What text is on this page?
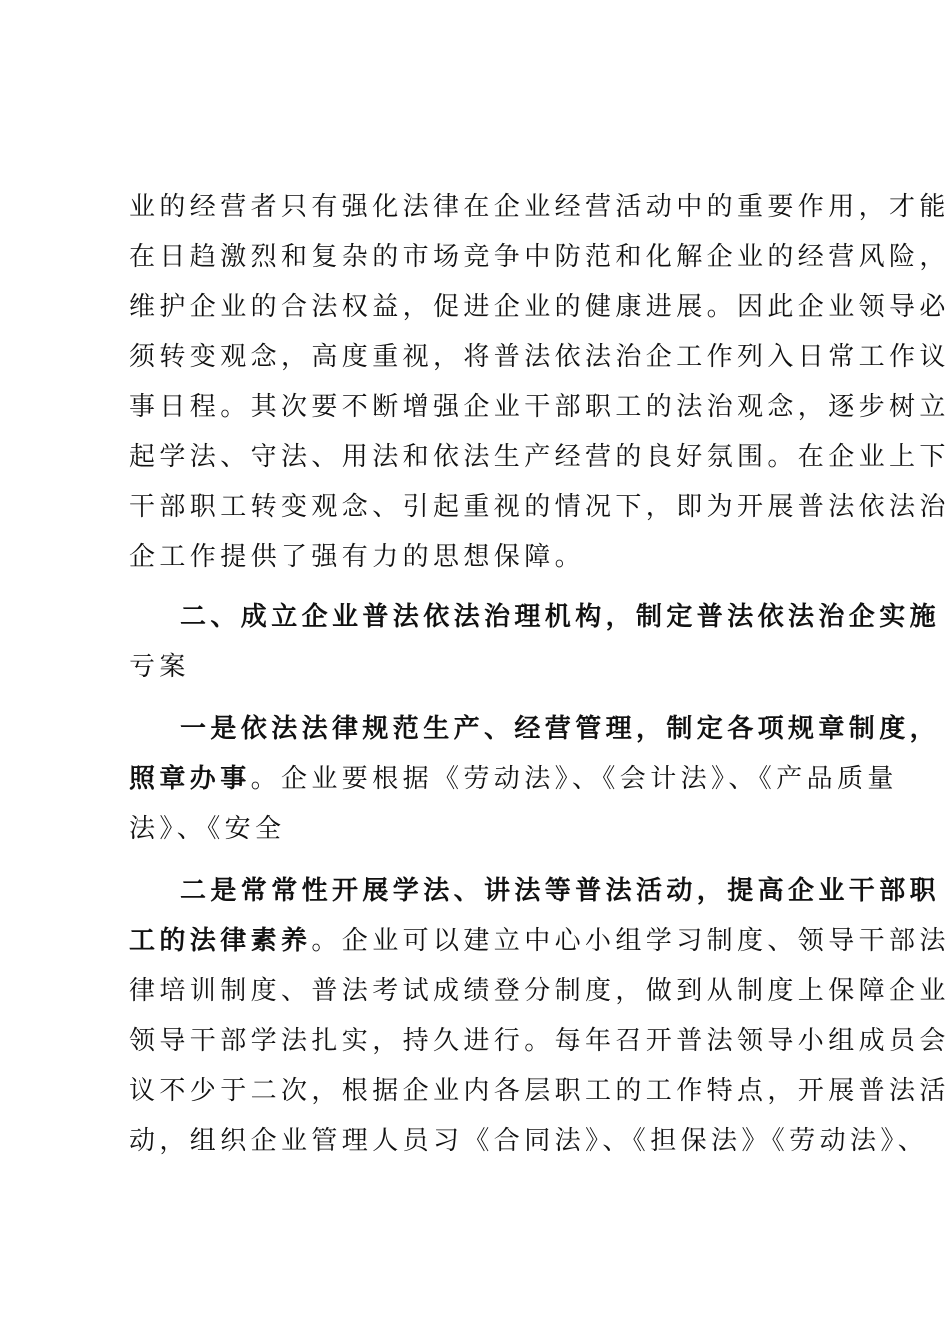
业的经营者只有强化法律在企业经营活动中的重要作用，才能
在日趋激烈和复杂的市场竞争中防范和化解企业的经营风险，
维护企业的合法权益，促进企业的健康进展。因此企业领导必
须转变观念，高度重视，将普法依法治企工作列入日常工作议
事日程。其次要不断增强企业干部职工的法治观念，逐步树立
起学法、守法、用法和依法生产经营的良好氛围。在企业上下
干部职工转变观念、引起重视的情况下，即为开展普法依法治
企工作提供了强有力的思想保障。
二、成立企业普法依法治理机构，制定普法依法治企实施
亏案
一是依法法律规范生产、经营管理，制定各项规章制度，
照章办事。企业要根据《劳动法》、《会计法》、《产品质量
法》、《安全
二是常常性开展学法、讲法等普法活动，提高企业干部职
工的法律素养。企业可以建立中心小组学习制度、领导干部法
律培训制度、普法考试成绩登分制度，做到从制度上保障企业
领导干部学法扎实，持久进行。每年召开普法领导小组成员会
议不少于二次，根据企业内各层职工的工作特点，开展普法活
动，组织企业管理人员习《合同法》、《担保法》《劳动法》、
